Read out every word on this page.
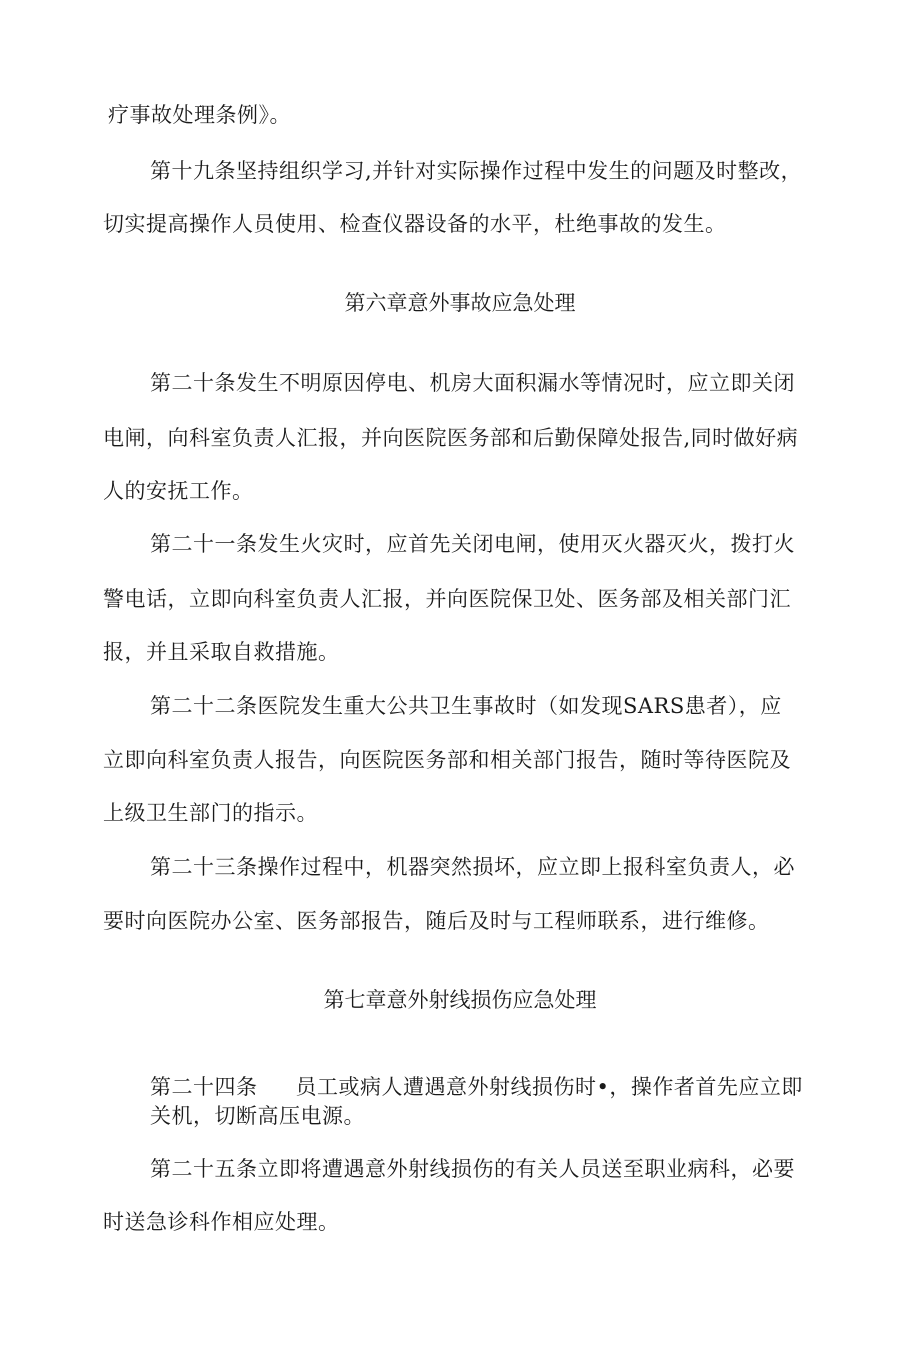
疗事故处理条例》。
第十九条坚持组织学习,并针对实际操作过程中发生的问题及时整改，
切实提高操作人员使用、检查仪器设备的水平，杜绝事故的发生。
第六章意外事故应急处理
第二十条发生不明原因停电、机房大面积漏水等情况时，应立即关闭
电闸，向科室负责人汇报，并向医院医务部和后勤保障处报告,同时做好病
人的安抚工作。
第二十一条发生火灾时，应首先关闭电闸，使用灭火器灭火，拨打火
警电话，立即向科室负责人汇报，并向医院保卫处、医务部及相关部门汇
报，并且采取自救措施。
第二十二条医院发生重大公共卫生事故时（如发现SARS患者），应
立即向科室负责人报告，向医院医务部和相关部门报告，随时等待医院及
上级卫生部门的指示。
第二十三条操作过程中，机器突然损坏，应立即上报科室负责人，必
要时向医院办公室、医务部报告，随后及时与工程师联系，进行维修。
第七章意外射线损伤应急处理
第二十四条 员工或病人遭遇意外射线损伤时•，操作者首先应立即
关机，切断高压电源。
第二十五条立即将遭遇意外射线损伤的有关人员送至职业病科，必要
时送急诊科作相应处理。
